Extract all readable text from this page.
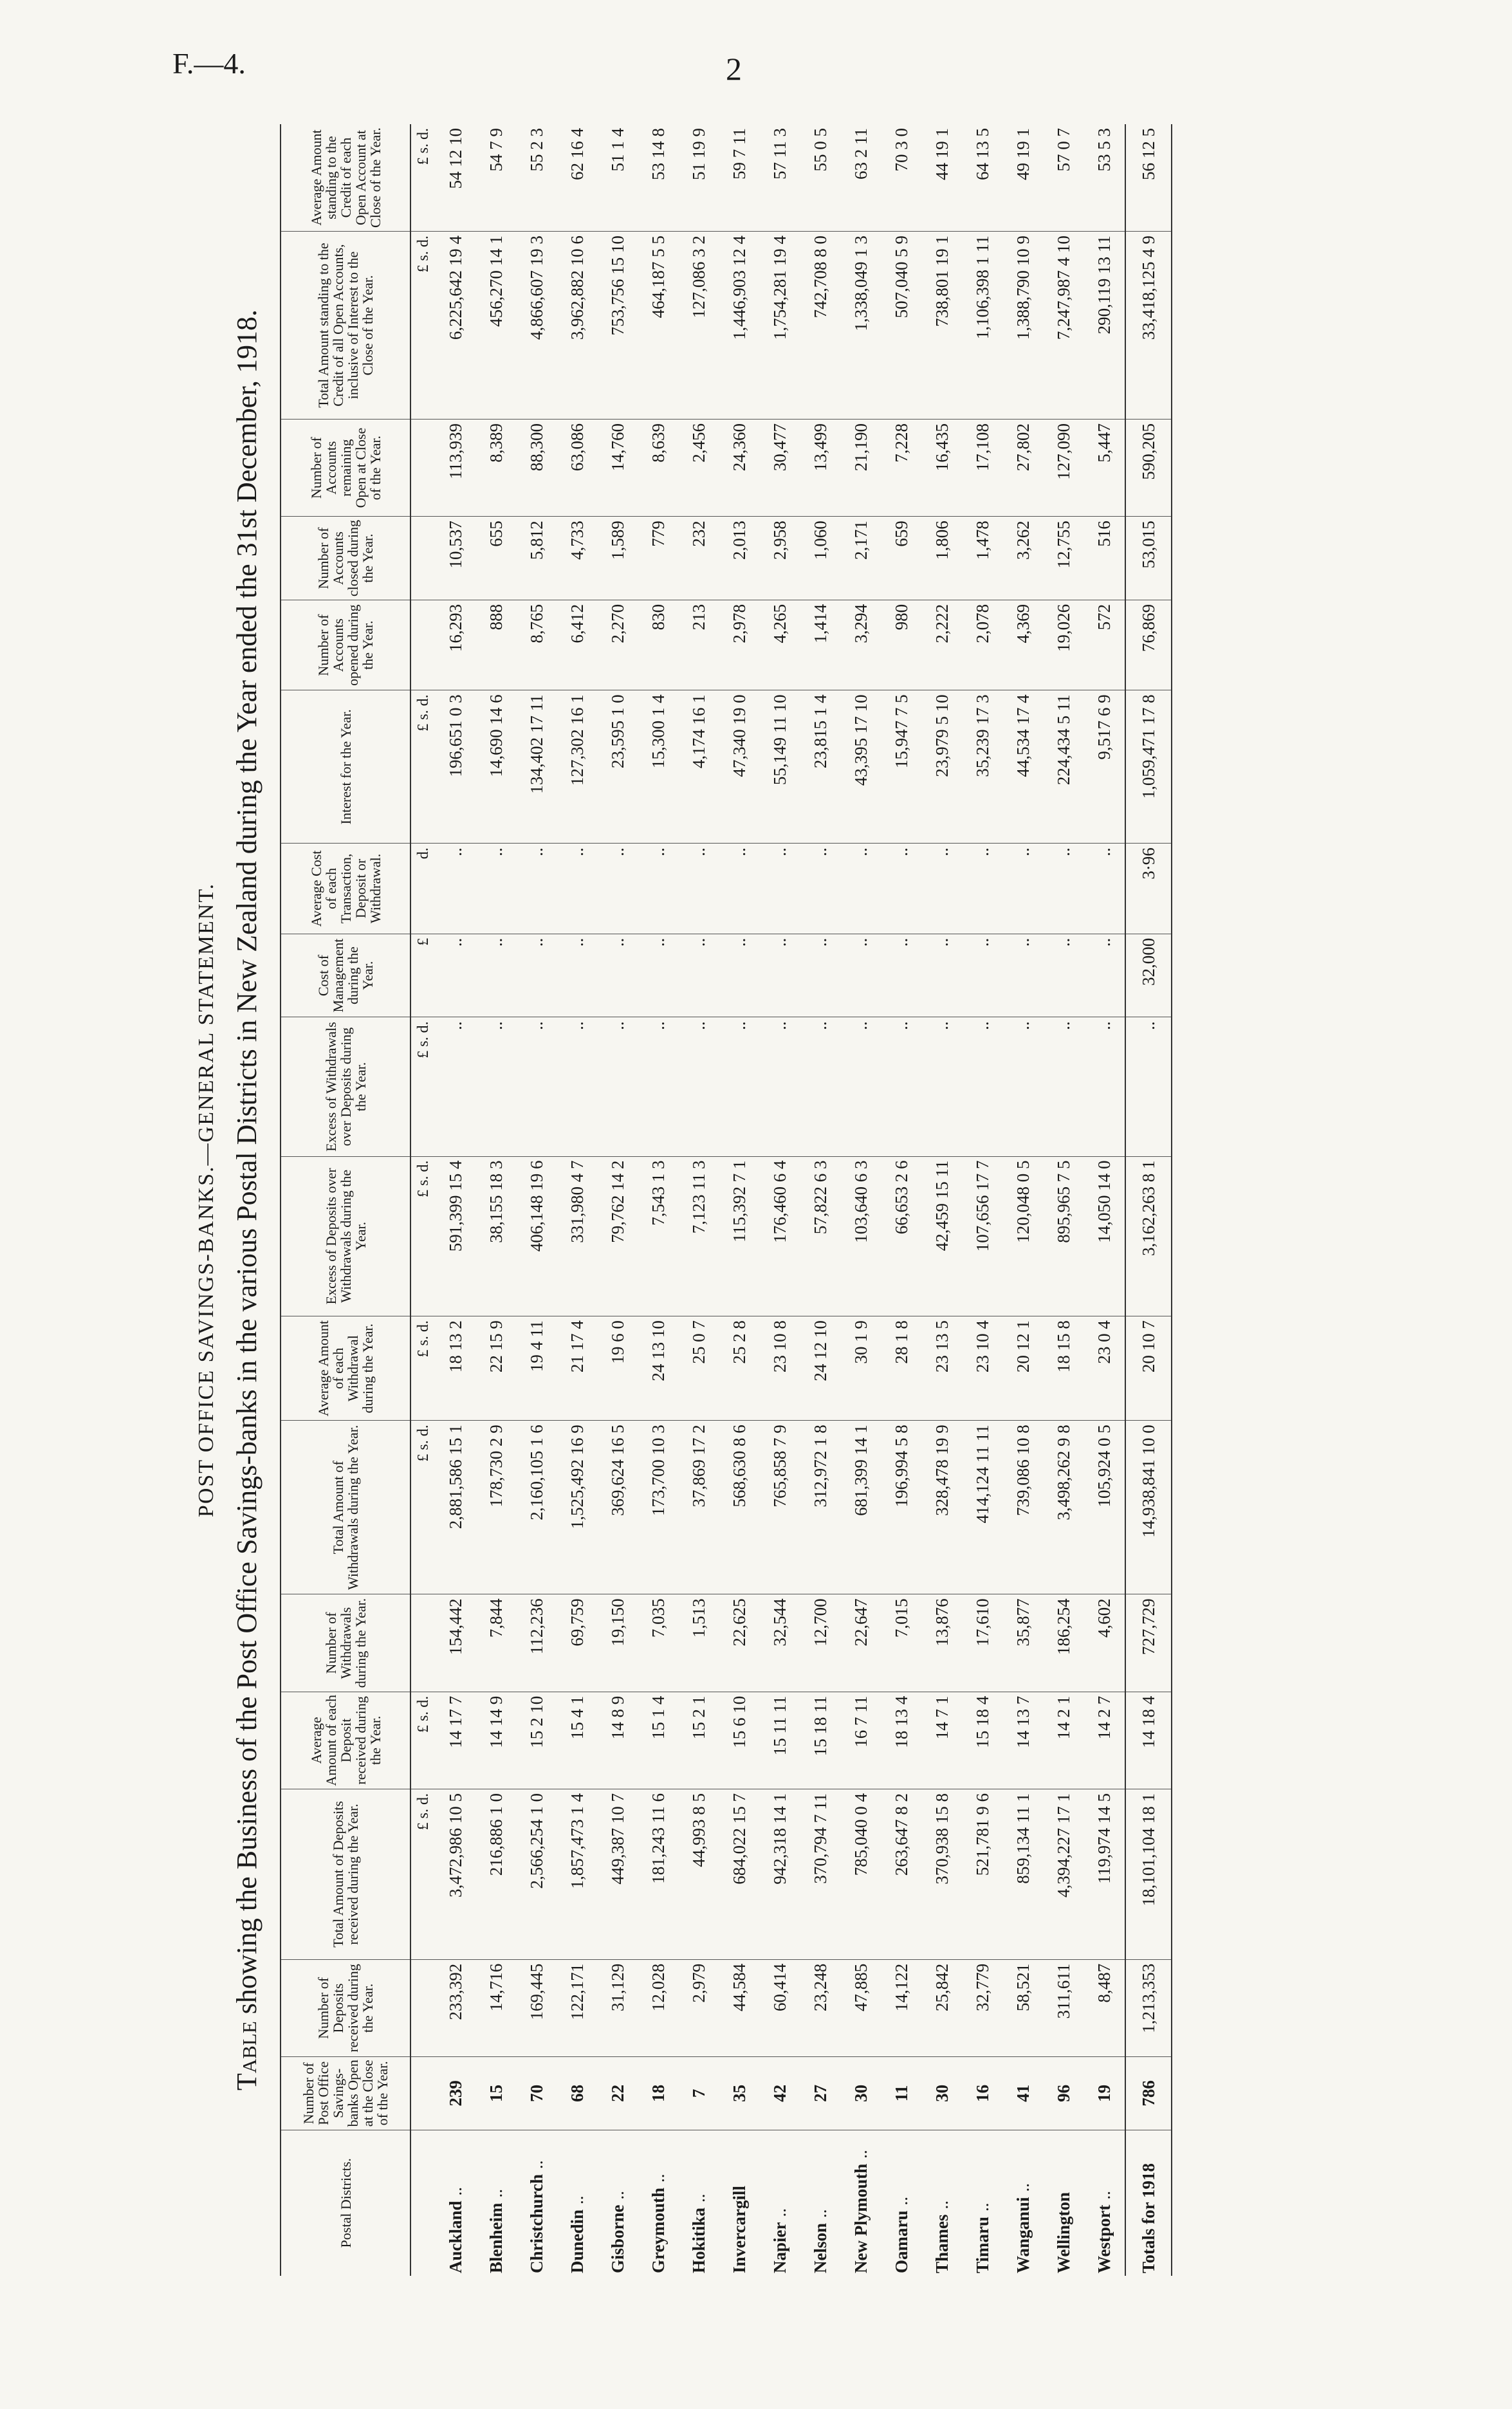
F.—4.	2
POST OFFICE SAVINGS-BANKS.—GENERAL STATEMENT.
Table showing the Business of the Post Office Savings-banks in the various Postal Districts in New Zealand during the Year ended the 31st December, 1918.
Postal Districts.	Number of Post Office Savings-banks Open at the Close of the Year.	Number of Deposits received during the Year.	Total Amount of Deposits received during the Year.	Average Amount of each Deposit received during the Year.	Number of Withdrawals during the Year.	Total Amount of Withdrawals during the Year.	Average Amount of each Withdrawal during the Year.	Excess of Deposits over Withdrawals during the Year.	Excess of Withdrawals over Deposits during the Year.	Cost of Management during the Year.	Average Cost of each Transaction, Deposit or Withdrawal.	Interest for the Year.	Number of Accounts opened during the Year.	Number of Accounts closed during the Year.	Number of Accounts remaining Open at Close of the Year.	Total Amount standing to the Credit of all Open Accounts, inclusive of Interest to the Close of the Year.	Average Amount standing to the Credit of each Open Account at Close of the Year.
			£ s. d.	£ s. d.		£ s. d.	£ s. d.	£ s. d.	£ s. d.	£	d.	£ s. d.				£ s. d.	£ s. d.
Auckland..	239	233,392	3,472,986 10 5	14 17 7	154,442	2,881,586 15 1	18 13 2	591,399 15 4	..	..	..	196,651 0 3	16,293	10,537	113,939	6,225,642 19 4	54 12 10
Blenheim..	15	14,716	216,886 1 0	14 14 9	7,844	178,730 2 9	22 15 9	38,155 18 3	..	..	..	14,690 14 6	888	655	8,389	456,270 14 1	54 7 9
Christchurch..	70	169,445	2,566,254 1 0	15 2 10	112,236	2,160,105 1 6	19 4 11	406,148 19 6	..	..	..	134,402 17 11	8,765	5,812	88,300	4,866,607 19 3	55 2 3
Dunedin..	68	122,171	1,857,473 1 4	15 4 1	69,759	1,525,492 16 9	21 17 4	331,980 4 7	..	..	..	127,302 16 1	6,412	4,733	63,086	3,962,882 10 6	62 16 4
Gisborne..	22	31,129	449,387 10 7	14 8 9	19,150	369,624 16 5	19 6 0	79,762 14 2	..	..	..	23,595 1 0	2,270	1,589	14,760	753,756 15 10	51 1 4
Greymouth..	18	12,028	181,243 11 6	15 1 4	7,035	173,700 10 3	24 13 10	7,543 1 3	..	..	..	15,300 1 4	830	779	8,639	464,187 5 5	53 14 8
Hokitika..	7	2,979	44,993 8 5	15 2 1	1,513	37,869 17 2	25 0 7	7,123 11 3	..	..	..	4,174 16 1	213	232	2,456	127,086 3 2	51 19 9
Invercargill	35	44,584	684,022 15 7	15 6 10	22,625	568,630 8 6	25 2 8	115,392 7 1	..	..	..	47,340 19 0	2,978	2,013	24,360	1,446,903 12 4	59 7 11
Napier..	42	60,414	942,318 14 1	15 11 11	32,544	765,858 7 9	23 10 8	176,460 6 4	..	..	..	55,149 11 10	4,265	2,958	30,477	1,754,281 19 4	57 11 3
Nelson..	27	23,248	370,794 7 11	15 18 11	12,700	312,972 1 8	24 12 10	57,822 6 3	..	..	..	23,815 1 4	1,414	1,060	13,499	742,708 8 0	55 0 5
New Plymouth..	30	47,885	785,040 0 4	16 7 11	22,647	681,399 14 1	30 1 9	103,640 6 3	..	..	..	43,395 17 10	3,294	2,171	21,190	1,338,049 1 3	63 2 11
Oamaru..	11	14,122	263,647 8 2	18 13 4	7,015	196,994 5 8	28 1 8	66,653 2 6	..	..	..	15,947 7 5	980	659	7,228	507,040 5 9	70 3 0
Thames..	30	25,842	370,938 15 8	14 7 1	13,876	328,478 19 9	23 13 5	42,459 15 11	..	..	..	23,979 5 10	2,222	1,806	16,435	738,801 19 1	44 19 1
Timaru..	16	32,779	521,781 9 6	15 18 4	17,610	414,124 11 11	23 10 4	107,656 17 7	..	..	..	35,239 17 3	2,078	1,478	17,108	1,106,398 1 11	64 13 5
Wanganui..	41	58,521	859,134 11 1	14 13 7	35,877	739,086 10 8	20 12 1	120,048 0 5	..	..	..	44,534 17 4	4,369	3,262	27,802	1,388,790 10 9	49 19 1
Wellington	96	311,611	4,394,227 17 1	14 2 1	186,254	3,498,262 9 8	18 15 8	895,965 7 5	..	..	..	224,434 5 11	19,026	12,755	127,090	7,247,987 4 10	57 0 7
Westport..	19	8,487	119,974 14 5	14 2 7	4,602	105,924 0 5	23 0 4	14,050 14 0	..	..	..	9,517 6 9	572	516	5,447	290,119 13 11	53 5 3
Totals for 1918	786	1,213,353	18,101,104 18 1	14 18 4	727,729	14,938,841 10 0	20 10 7	3,162,263 8 1	..	32,000	3·96	1,059,471 17 8	76,869	53,015	590,205	33,418,125 4 9	56 12 5
